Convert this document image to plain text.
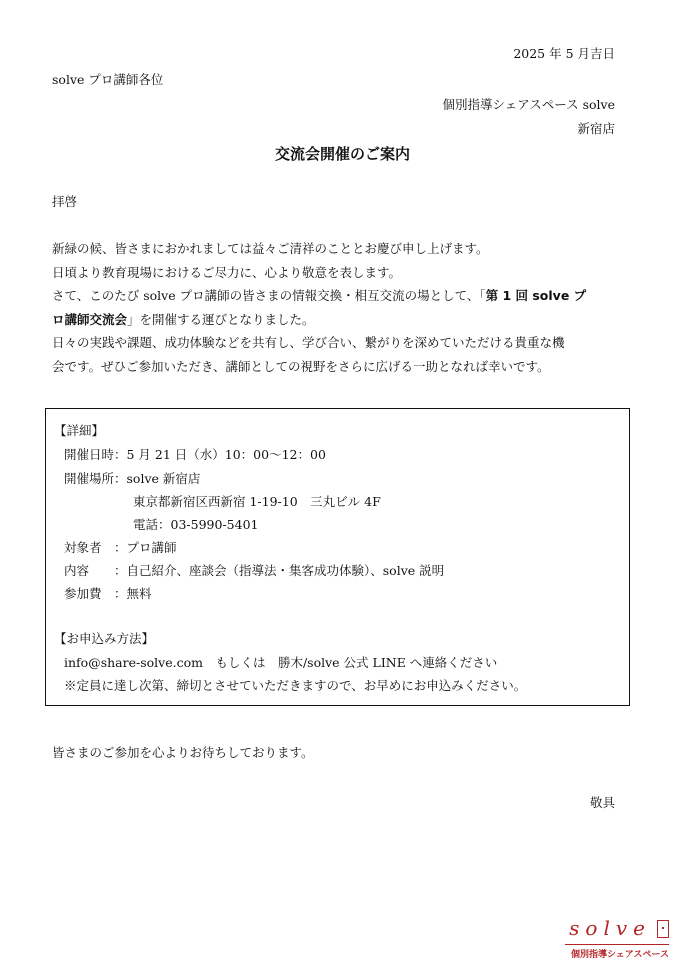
2025 年 5 月吉日
solve プロ講師各位
個別指導シェアスペース solve
新宿店
交流会開催のご案内
拝啓

新緑の候、皆さまにおかれましては益々ご清祥のこととお慶び申し上げます。

日頃より教育現場におけるご尽力に、心より敬意を表します。

さて、このたび solve プロ講師の皆さまの情報交換・相互交流の場として、「第 1 回 solve プ

ロ講師交流会」を開催する運びとなりました。

日々の実践や課題、成功体験などを共有し、学び合い、繋がりを深めていただける貴重な機

会です。ぜひご参加いただき、講師としての視野をさらに広げる一助となれば幸いです。

【詳細】
開催日時：5 月 21 日（水）10：00～12：00
開催場所：solve 新宿店
東京都新宿区西新宿 1-19-10　三丸ビル 4F
電話：03-5990-5401
対象者　：プロ講師
内容　　：自己紹介、座談会（指導法・集客成功体験）、solve 説明
参加費　：無料
【お申込み方法】
info@share-solve.com　もしくは　勝木/solve 公式 LINE へ連絡ください
※定員に達し次第、締切とさせていただきますので、お早めにお申込みください。
皆さまのご参加を心よりお待ちしております。
敬具
solve
個別指導シェアスペース
